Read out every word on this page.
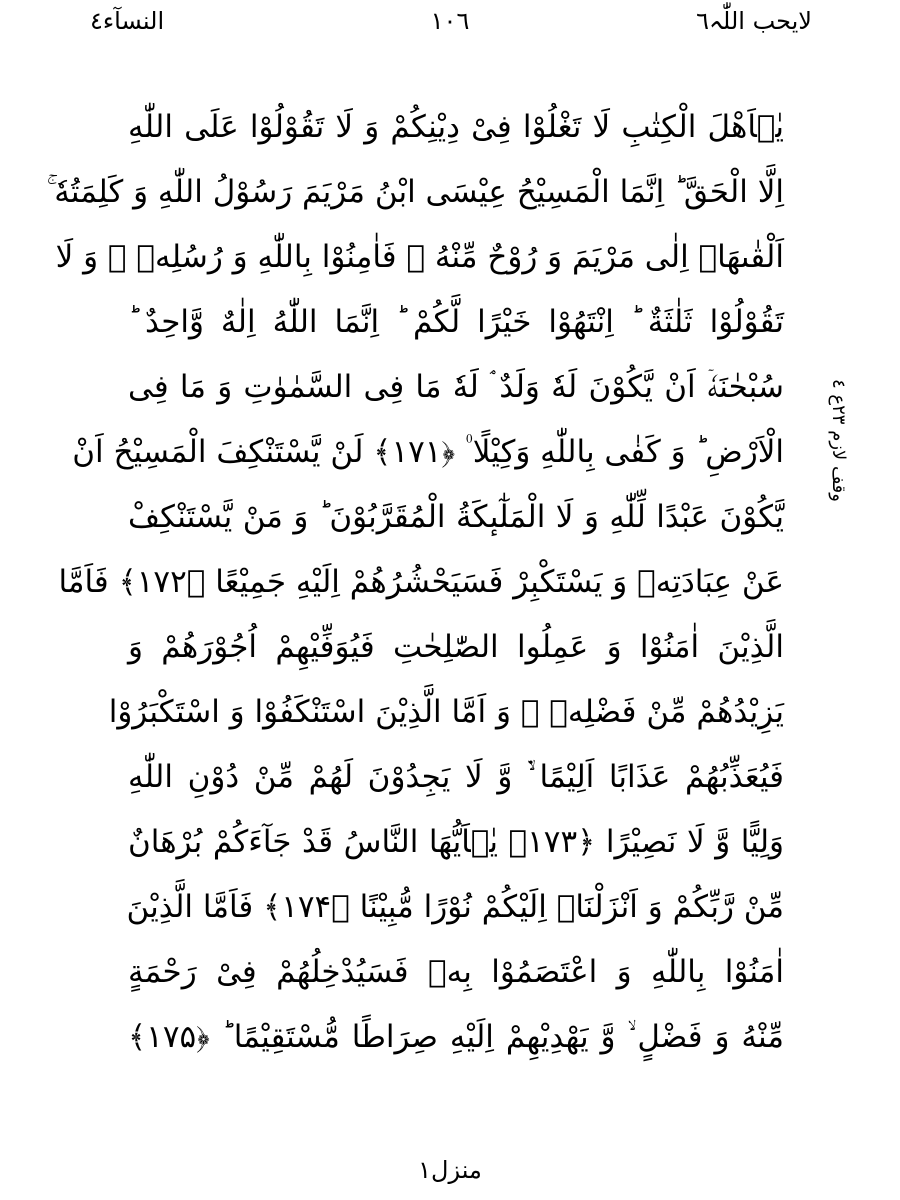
لایحب اللّٰہ٦
١٠٦
النسآء٤
یٰۤاَهْلَ الْكِتٰبِ لَا تَغْلُوْا فِیْ دِیْنِكُمْ وَ لَا تَقُوْلُوْا عَلَى اللّٰهِ
اِلَّا الْحَقَّ ؕ اِنَّمَا الْمَسِیْحُ عِیْسَى ابْنُ مَرْیَمَ رَسُوْلُ اللّٰهِ وَ كَلِمَتُهٗ ۚ
اَلْقٰىهَاۤ اِلٰى مَرْیَمَ وَ رُوْحٌ مِّنْهُ ٘ فَاٰمِنُوْا بِاللّٰهِ وَ رُسُلِهٖ ۚ وَ لَا
تَقُوْلُوْا ثَلٰثَةٌ ؕ اِنْتَهُوْا خَیْرًا لَّكُمْ ؕ اِنَّمَا اللّٰهُ اِلٰهٌ وَّاحِدٌ ؕ
سُبْحٰنَهٗۤ اَنْ یَّكُوْنَ لَهٗ وَلَدٌ ۘ لَهٗ مَا فِی السَّمٰوٰتِ وَ مَا فِی
الْاَرْضِ ؕ وَ كَفٰى بِاللّٰهِ وَكِیْلًا ۠ ﴿۱۷۱﴾ لَنْ یَّسْتَنْكِفَ الْمَسِیْحُ اَنْ
یَّكُوْنَ عَبْدًا لِّلّٰهِ وَ لَا الْمَلٰٓىٕكَةُ الْمُقَرَّبُوْنَ ؕ وَ مَنْ یَّسْتَنْكِفْ
عَنْ عِبَادَتِهٖ وَ یَسْتَكْبِرْ فَسَیَحْشُرُهُمْ اِلَیْهِ جَمِیْعًا ﴿۱۷۲﴾ فَاَمَّا
الَّذِیْنَ اٰمَنُوْا وَ عَمِلُوا الصّٰلِحٰتِ فَیُوَفِّیْهِمْ اُجُوْرَهُمْ وَ
یَزِیْدُهُمْ مِّنْ فَضْلِهٖ ۚ وَ اَمَّا الَّذِیْنَ اسْتَنْكَفُوْا وَ اسْتَكْبَرُوْا
فَیُعَذِّبُهُمْ عَذَابًا اَلِیْمًا ۙ۬ وَّ لَا یَجِدُوْنَ لَهُمْ مِّنْ دُوْنِ اللّٰهِ
وَلِیًّا وَّ لَا نَصِیْرًا ﴿۱۷۳﴾ یٰۤاَیُّهَا النَّاسُ قَدْ جَآءَكُمْ بُرْهَانٌ
مِّنْ رَّبِّكُمْ وَ اَنْزَلْنَاۤ اِلَیْكُمْ نُوْرًا مُّبِیْنًا ﴿۱۷۴﴾ فَاَمَّا الَّذِیْنَ
اٰمَنُوْا بِاللّٰهِ وَ اعْتَصَمُوْا بِهٖ فَسَیُدْخِلُهُمْ فِیْ رَحْمَةٍ
مِّنْهُ وَ فَضْلٍ ۙ وَّ یَهْدِیْهِمْ اِلَیْهِ صِرَاطًا مُّسْتَقِیْمًا ؕ ﴿۱۷۵﴾
وقف لازم ٢٣ع ٤
منزل١
